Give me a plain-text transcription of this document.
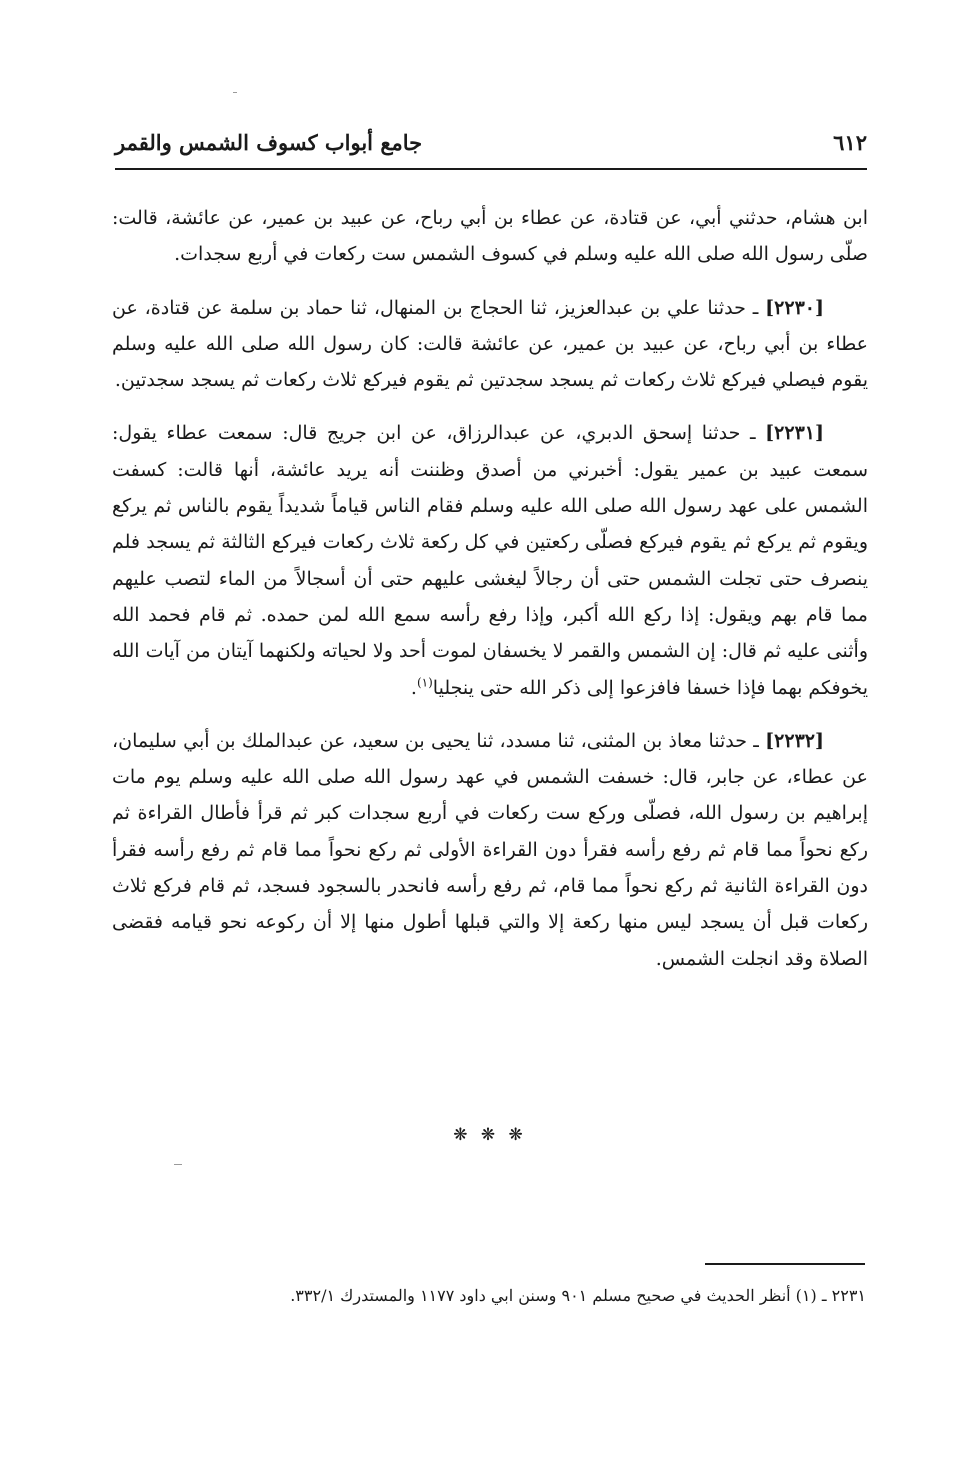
٦١٢
جامع أبواب كسوف الشمس والقمر

ابن هشام، حدثني أبي، عن قتادة، عن عطاء بن أبي رباح، عن عبيد بن عمير، عن عائشة، قالت: صلّى رسول الله صلى الله عليه وسلم في كسوف الشمس ست ركعات في أربع سجدات.

[٢٢٣٠] ـ حدثنا علي بن عبدالعزيز، ثنا الحجاج بن المنهال، ثنا حماد بن سلمة عن قتادة، عن عطاء بن أبي رباح، عن عبيد بن عمير، عن عائشة قالت: كان رسول الله صلى الله عليه وسلم يقوم فيصلي فيركع ثلاث ركعات ثم يسجد سجدتين ثم يقوم فيركع ثلاث ركعات ثم يسجد سجدتين.

[٢٢٣١] ـ حدثنا إسحق الدبري، عن عبدالرزاق، عن ابن جريج قال: سمعت عطاء يقول: سمعت عبيد بن عمير يقول: أخبرني من أصدق وظننت أنه يريد عائشة، أنها قالت: كسفت الشمس على عهد رسول الله صلى الله عليه وسلم فقام الناس قياماً شديداً يقوم بالناس ثم يركع ويقوم ثم يركع ثم يقوم فيركع فصلّى ركعتين في كل ركعة ثلاث ركعات فيركع الثالثة ثم يسجد فلم ينصرف حتى تجلت الشمس حتى أن رجالاً ليغشى عليهم حتى أن أسجالاً من الماء لتصب عليهم مما قام بهم ويقول: إذا ركع الله أكبر، وإذا رفع رأسه سمع الله لمن حمده. ثم قام فحمد الله وأثنى عليه ثم قال: إن الشمس والقمر لا يخسفان لموت أحد ولا لحياته ولكنهما آيتان من آيات الله يخوفكم بهما فإذا خسفا فافزعوا إلى ذكر الله حتى ينجليا$^{(١)}$.

[٢٢٣٢] ـ حدثنا معاذ بن المثنى، ثنا مسدد، ثنا يحيى بن سعيد، عن عبدالملك بن أبي سليمان، عن عطاء، عن جابر، قال: خسفت الشمس في عهد رسول الله صلى الله عليه وسلم يوم مات إبراهيم بن رسول الله، فصلّى وركع ست ركعات في أربع سجدات كبر ثم قرأ فأطال القراءة ثم ركع نحواً مما قام ثم رفع رأسه فقرأ دون القراءة الأولى ثم ركع نحواً مما قام ثم رفع رأسه فقرأ دون القراءة الثانية ثم ركع نحواً مما قام، ثم رفع رأسه فانحدر بالسجود فسجد، ثم قام فركع ثلاث ركعات قبل أن يسجد ليس منها ركعة إلا والتي قبلها أطول منها إلا أن ركوعه نحو قيامه فقضى الصلاة وقد انجلت الشمس.

❋ ❋ ❋
٢٢٣١ ـ (١) أنظر الحديث في صحيح مسلم ٩٠١ وسنن ابي داود ١١٧٧ والمستدرك ٣٣٢/١.
